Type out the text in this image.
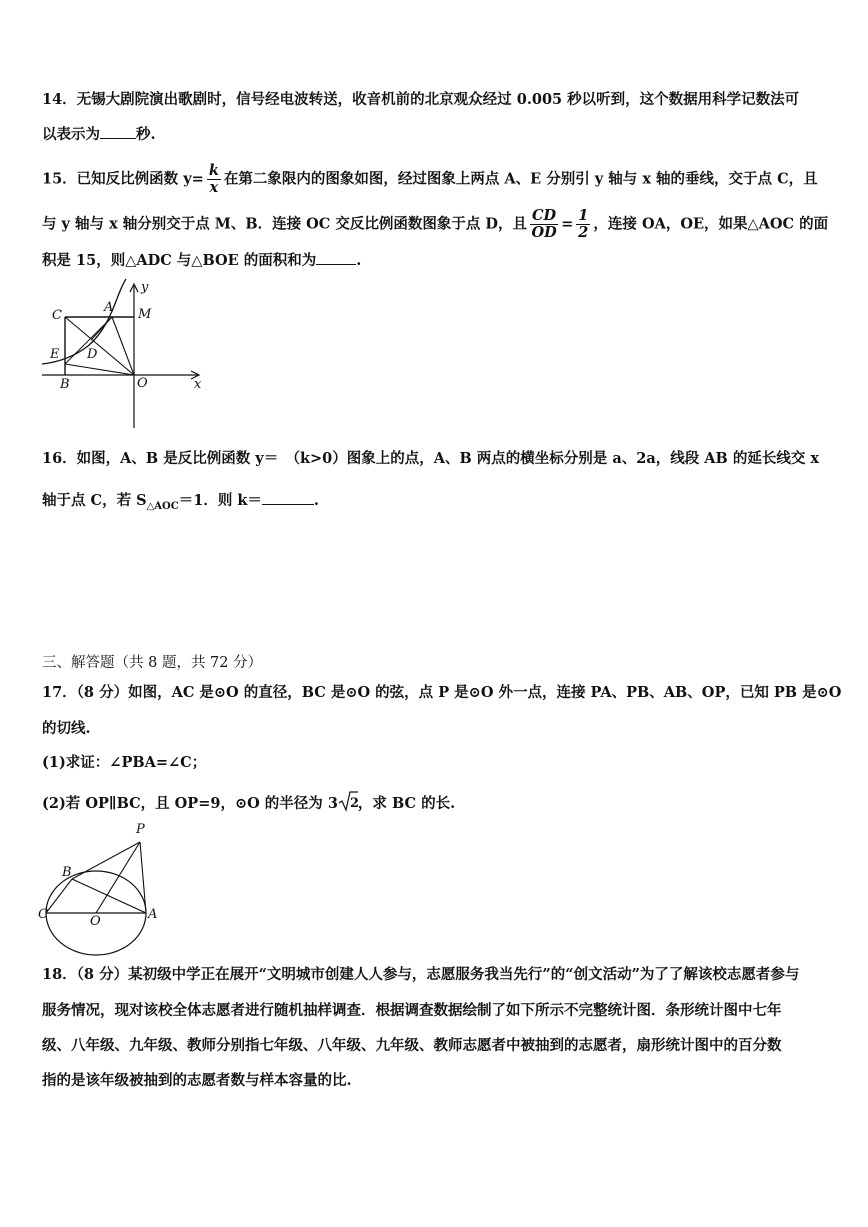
14．无锡大剧院演出歌剧时，信号经电波转送，收音机前的北京观众经过 0.005 秒以听到，这个数据用科学记数法可
以表示为 秒.
15．已知反比例函数 $y= \frac{k}{x}$ 在第二象限内的图象如图，经过图象上两点 A、E 分别引 y 轴与 x 轴的垂线，交于点 C，且
与 y 轴与 x 轴分别交于点 M、B．连接 OC 交反比例函数图象于点 D，且 $\frac{CD}{OD} = \frac{1}{2}$ ，连接 OA，OE，如果△AOC 的面
积是 15，则△ADC 与△BOE 的面积和为	.
C
A
y
M
E D
B	O	x
16．如图，A、B 是反比例函数 y＝　（k>0）图象上的点，A、B 两点的横坐标分别是 a、2a，线段 AB 的延长线交 x
轴于点 C，若 $S_{\triangle AOC}=1$．则 k＝	.
三、解答题（共 8 题，共 72 分）
17．（8 分）如图，AC 是⊙O 的直径，BC 是⊙O 的弦，点 P 是⊙O 外一点，连接 PA、PB、AB、OP，已知 PB 是⊙O
的切线.
(1)求证：∠PBA=∠C；
(2)若 OP∥BC，且 OP=9，⊙O 的半径为 3 2
，求 BC 的长.
P
B
C	O	A
18．（8 分）某初级中学正在展开“文明城市创建人人参与，志愿服务我当先行”的“创文活动”为了了解该校志愿者参与
服务情况，现对该校全体志愿者进行随机抽样调查．根据调查数据绘制了如下所示不完整统计图．条形统计图中七年
级、八年级、九年级、教师分别指七年级、八年级、九年级、教师志愿者中被抽到的志愿者，扇形统计图中的百分数
指的是该年级被抽到的志愿者数与样本容量的比.
